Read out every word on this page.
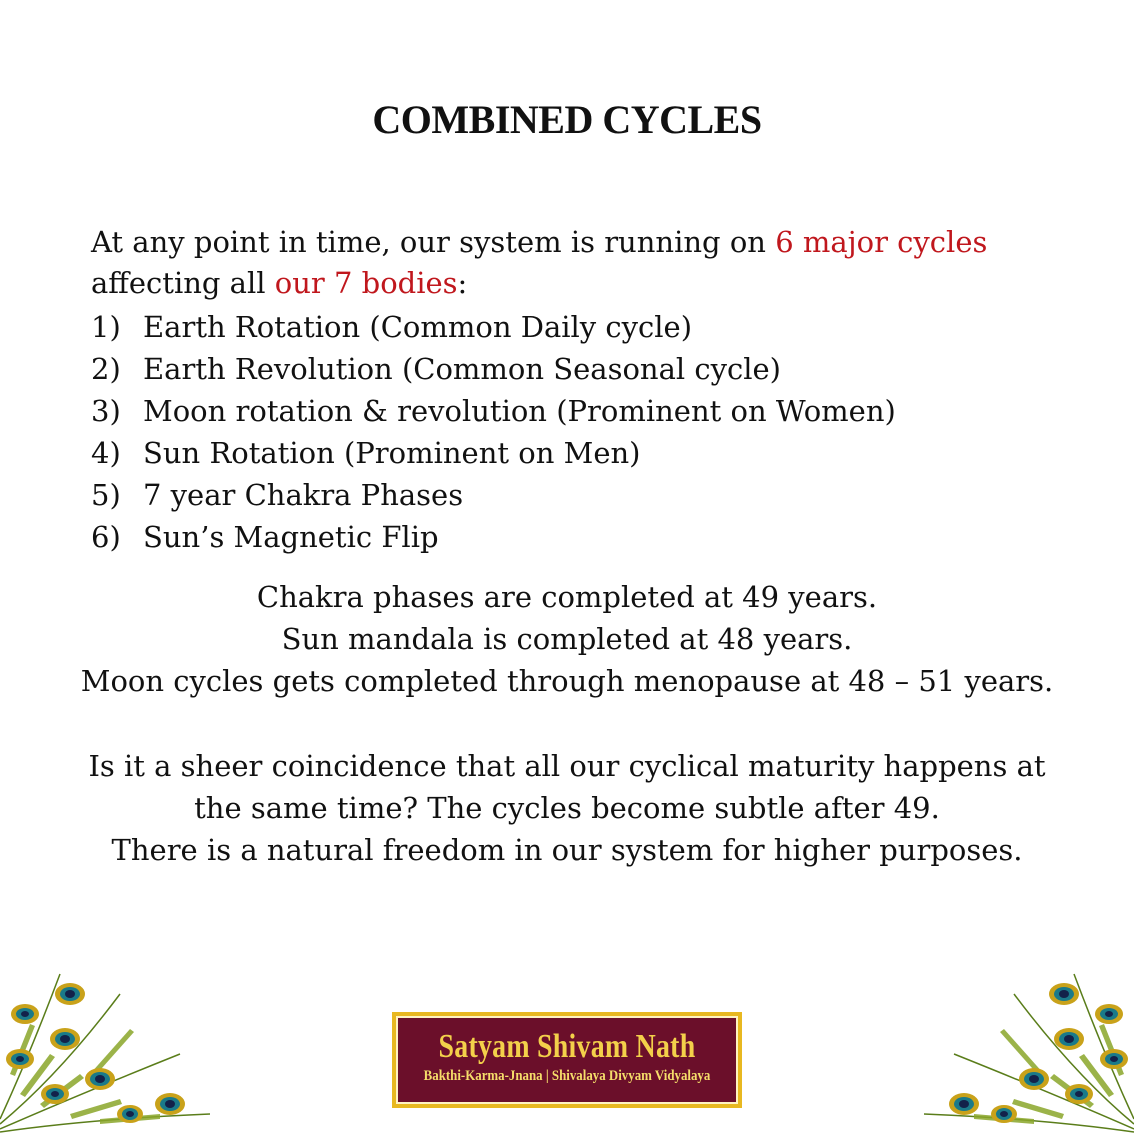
COMBINED CYCLES
At any point in time, our system is running on 6 major cycles
affecting all our 7 bodies:
1) Earth Rotation (Common Daily cycle)
2) Earth Revolution (Common Seasonal cycle)
3) Moon rotation & revolution (Prominent on Women)
4) Sun Rotation (Prominent on Men)
5) 7 year Chakra Phases
6) Sun’s Magnetic Flip
Chakra phases are completed at 49 years.
Sun mandala is completed at 48 years.
Moon cycles gets completed through menopause at 48 – 51 years.
Is it a sheer coincidence that all our cyclical maturity happens at
the same time? The cycles become subtle after 49.
There is a natural freedom in our system for higher purposes.
Satyam Shivam Nath
Bakthi-Karma-Jnana | Shivalaya Divyam Vidyalaya
